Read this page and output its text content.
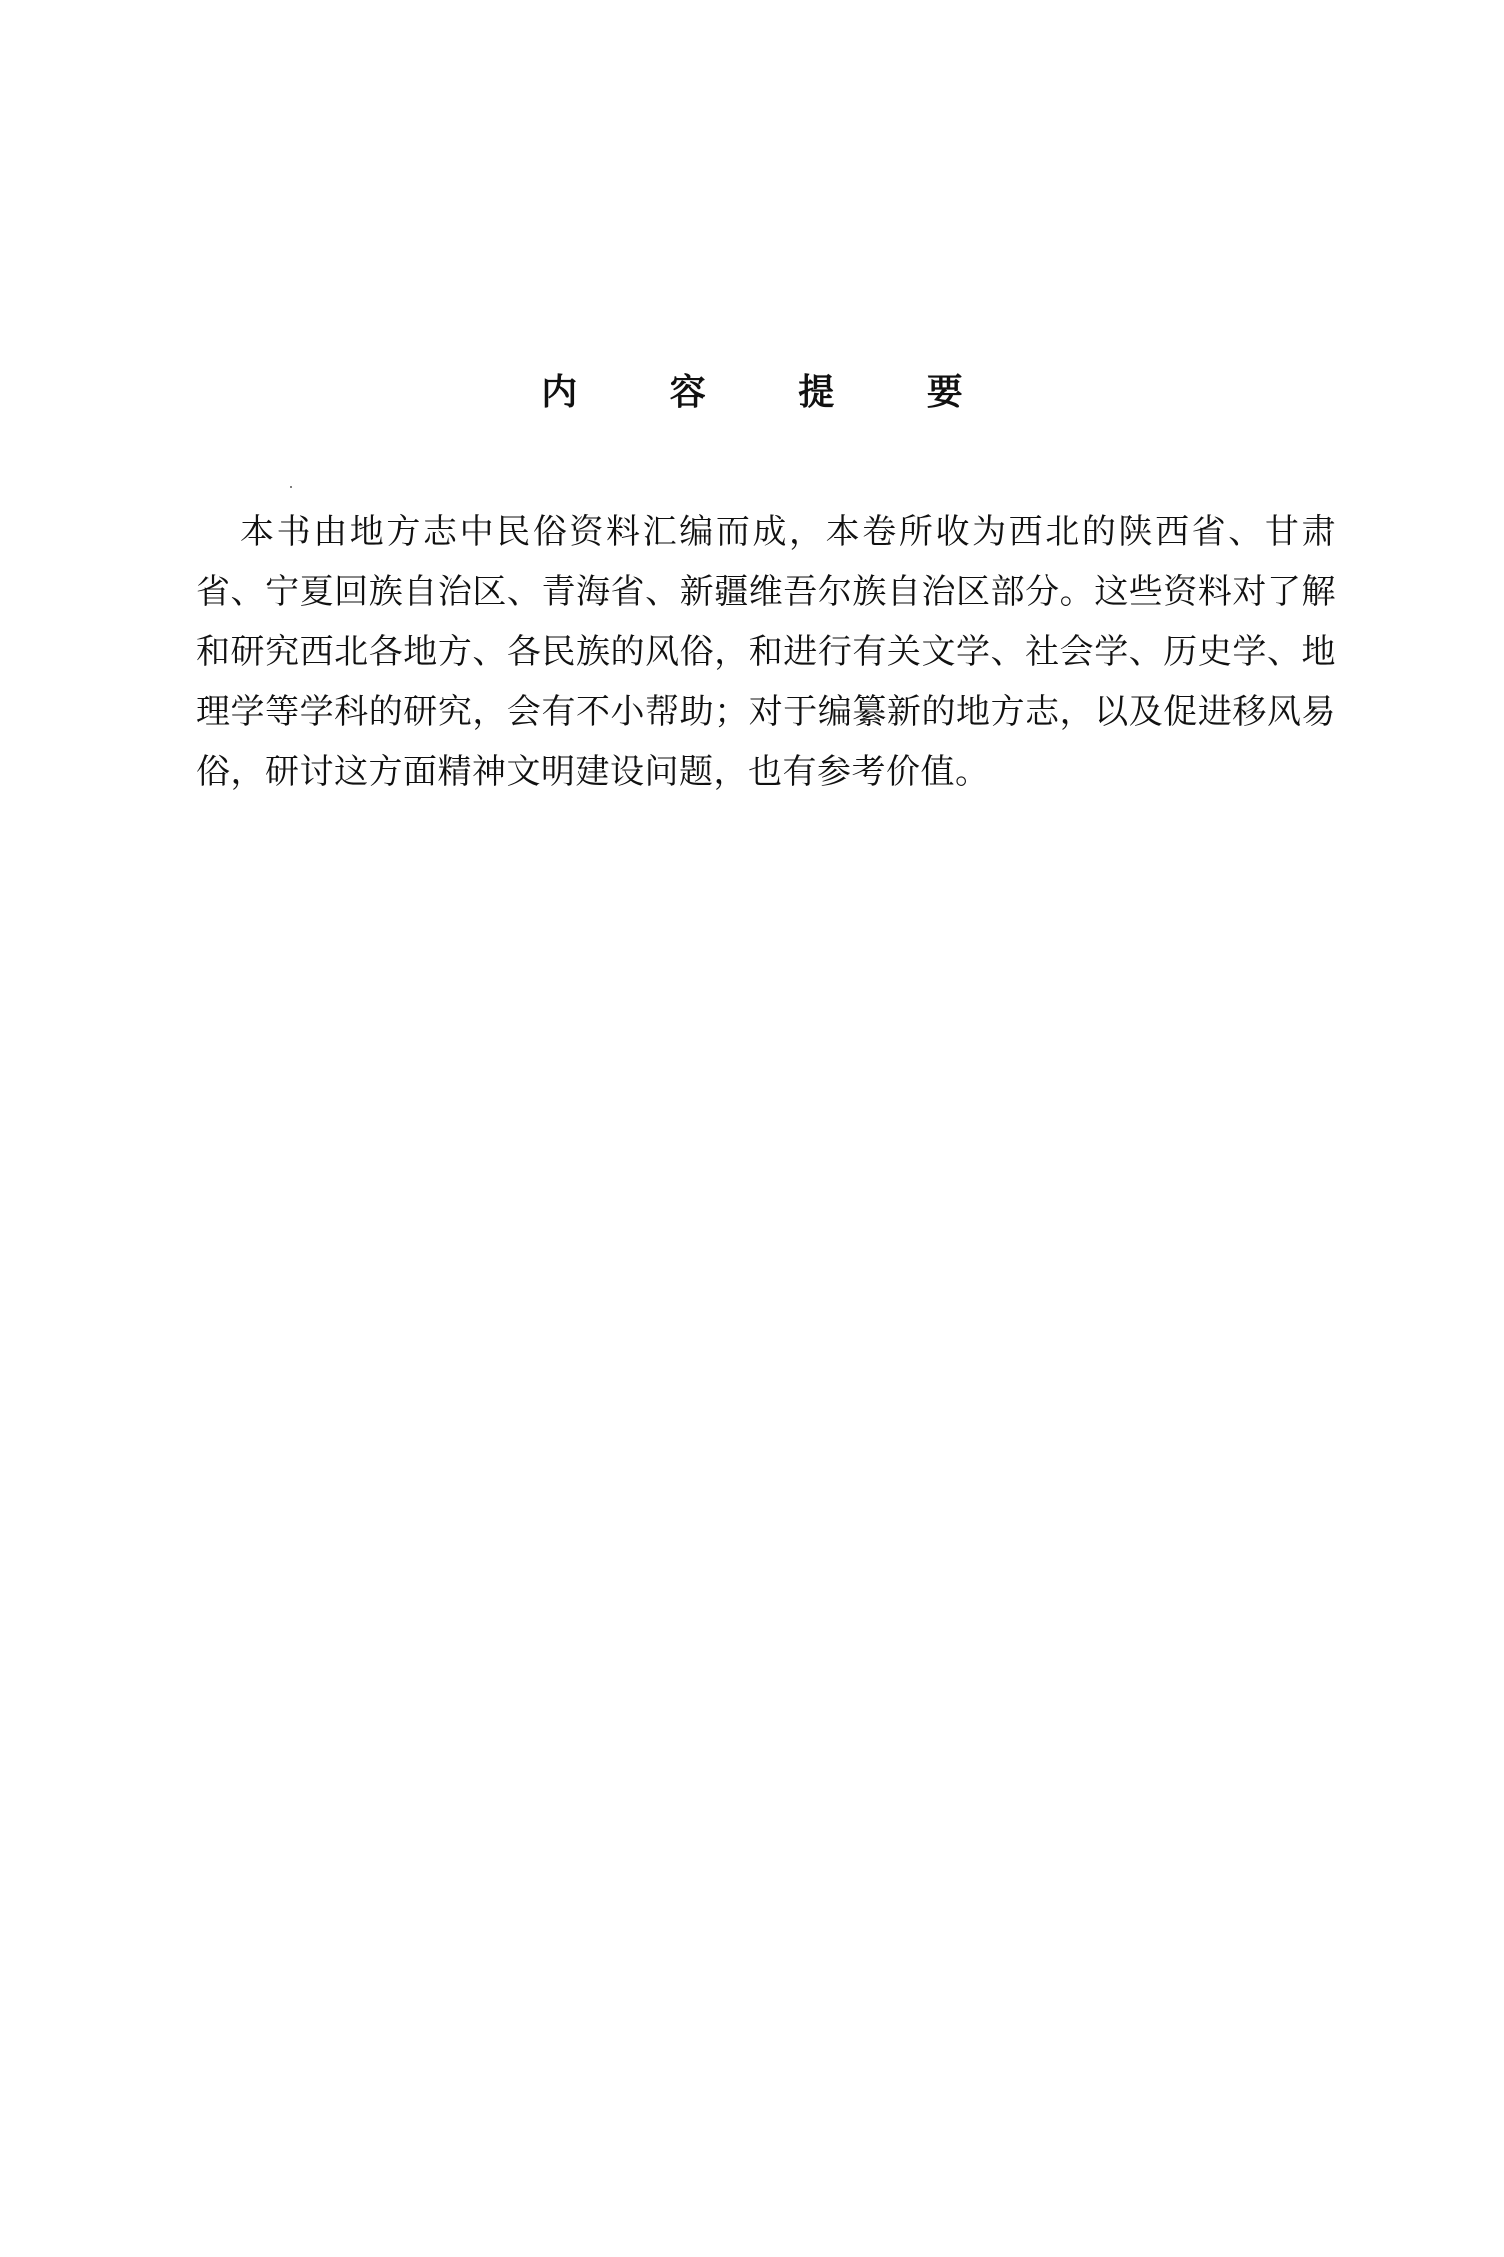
内 容 提 要

本书由地方志中民俗资料汇编而成，本卷所收为西北的陕西省、甘肃省、宁夏回族自治区、青海省、新疆维吾尔族自治区部分。这些资料对了解和研究西北各地方、各民族的风俗，和进行有关文学、社会学、历史学、地理学等学科的研究，会有不小帮助；对于编纂新的地方志，以及促进移风易俗，研讨这方面精神文明建设问题，也有参考价值。
